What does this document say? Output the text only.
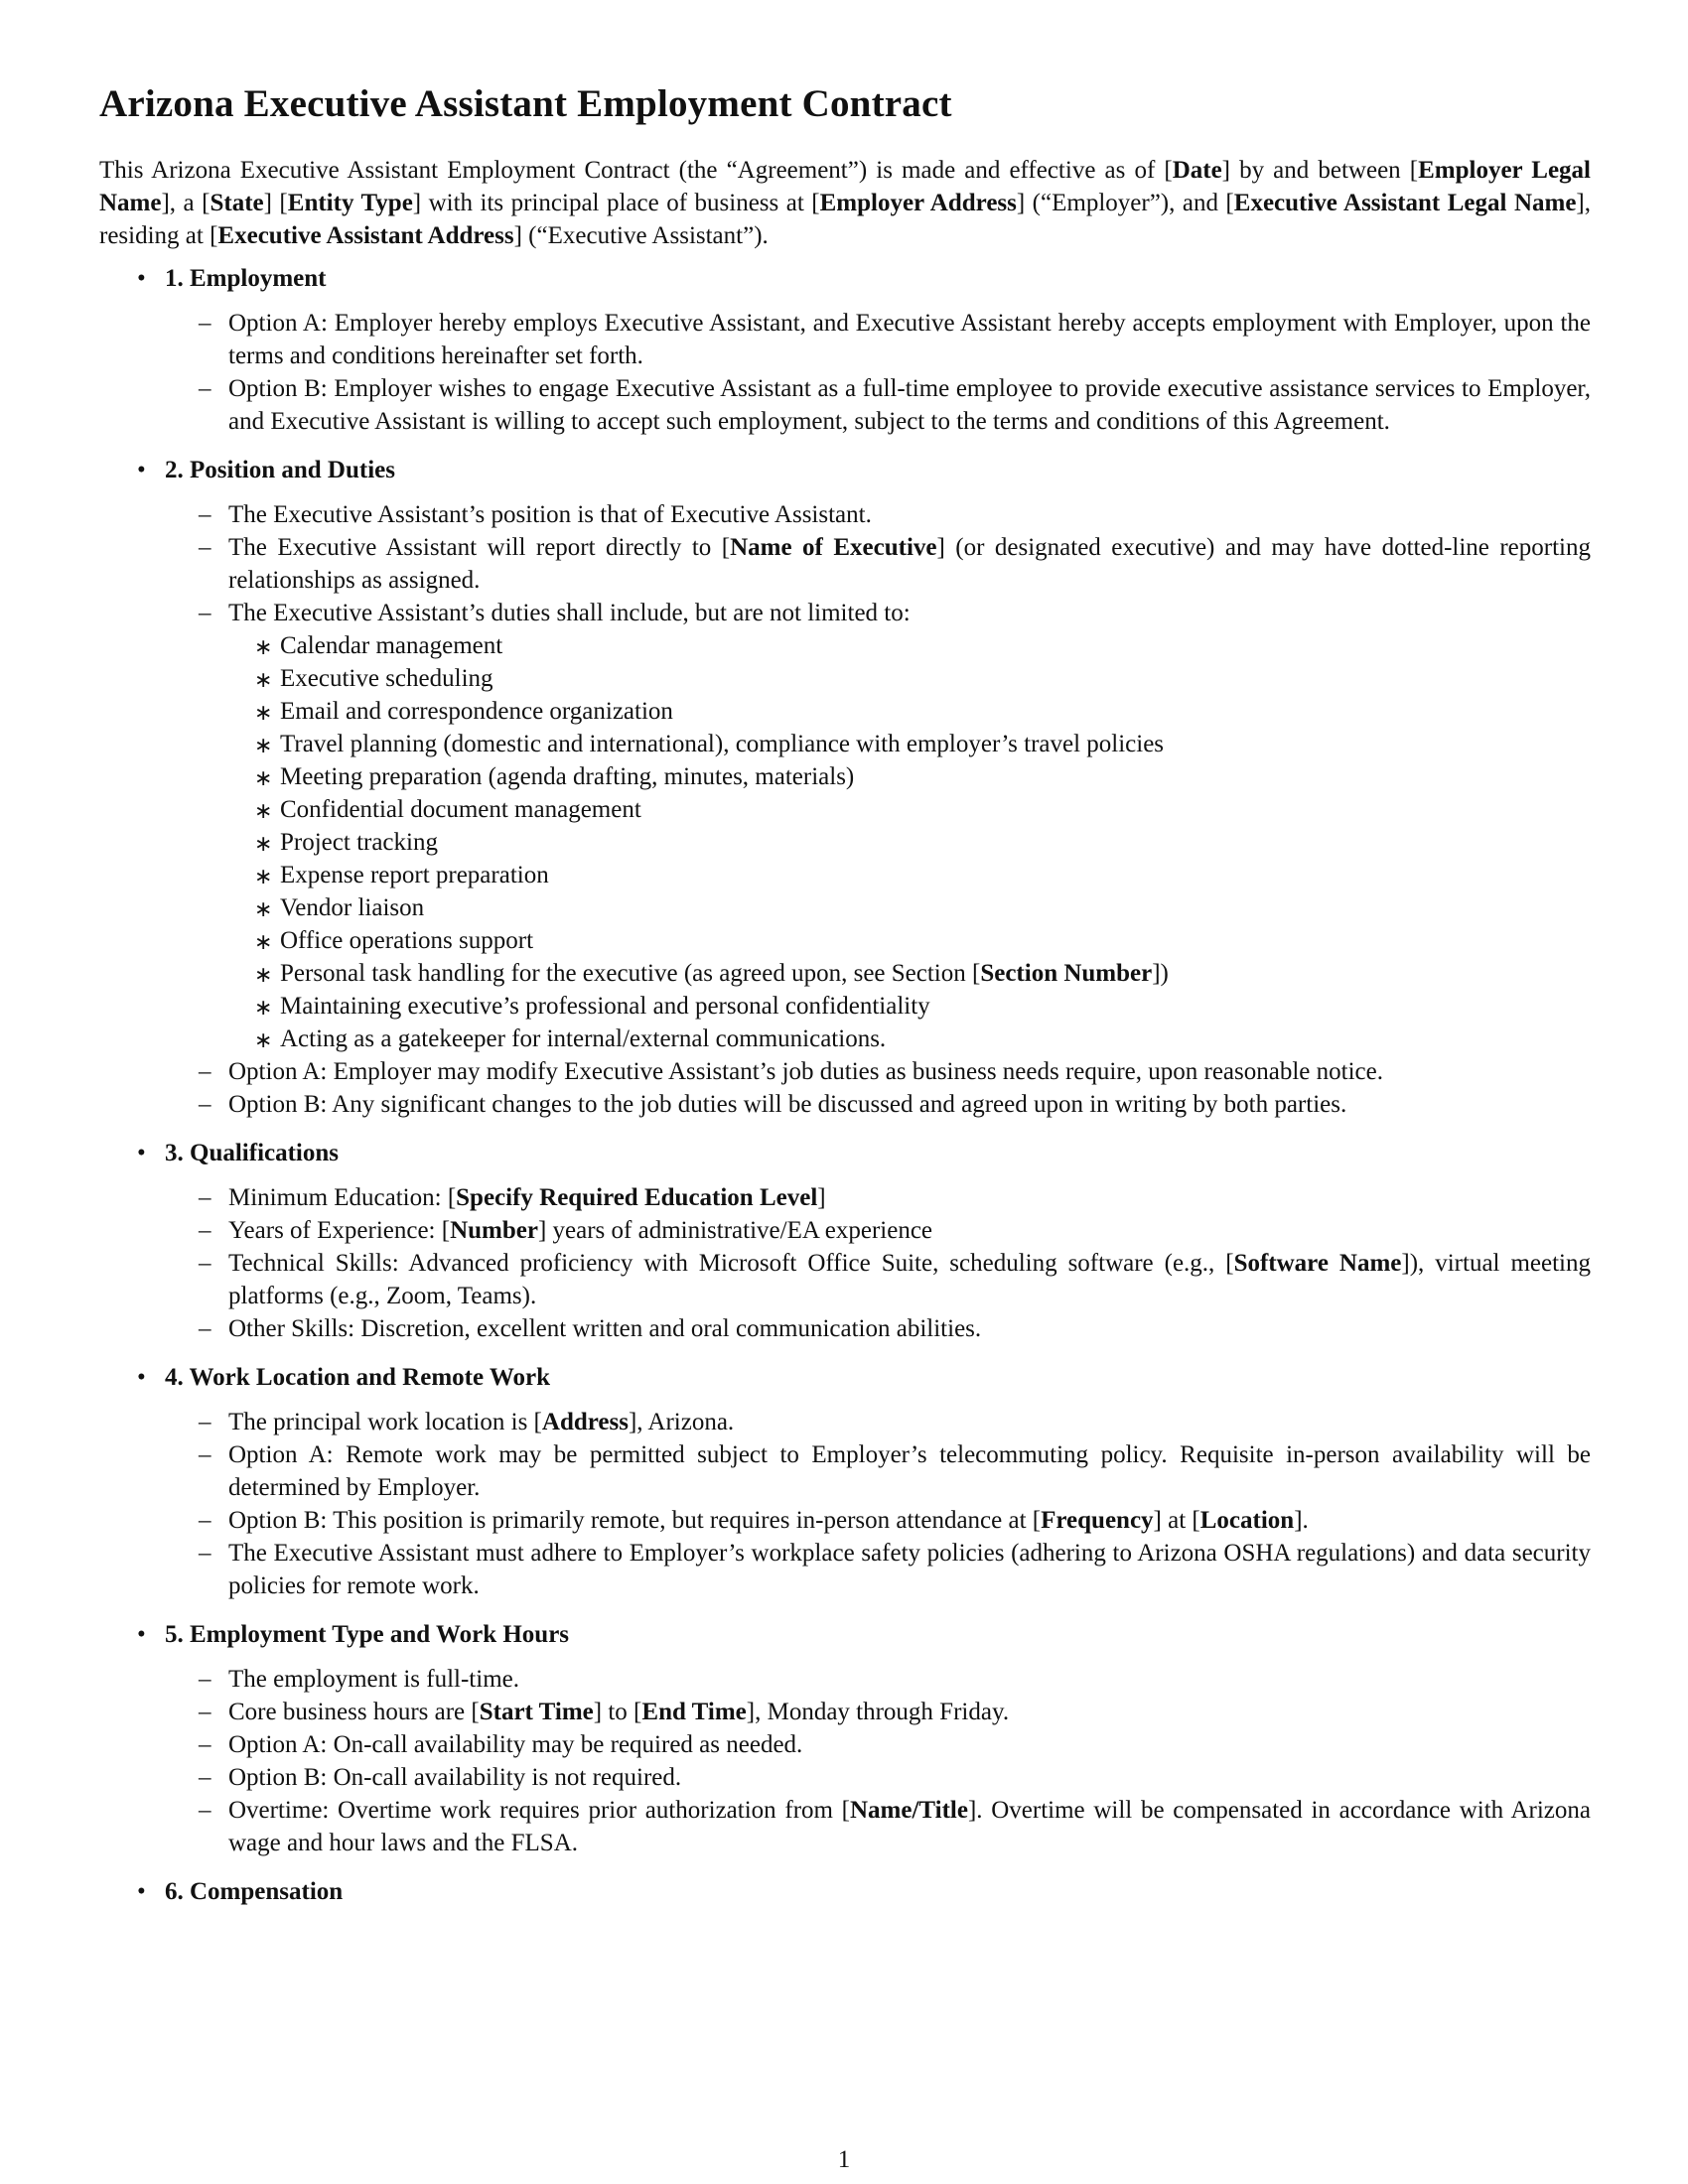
Arizona Executive Assistant Employment Contract

This Arizona Executive Assistant Employment Contract (the “Agreement”) is made and effective as of [Date] by and between [Employer Legal Name], a [State] [Entity Type] with its principal place of business at [Employer Address] (“Employer”), and [Executive Assistant Legal Name], residing at [Executive Assistant Address] (“Executive Assistant”).

• 1. Employment
– Option A: Employer hereby employs Executive Assistant, and Executive Assistant hereby accepts employment with Employer, upon the terms and conditions hereinafter set forth.
– Option B: Employer wishes to engage Executive Assistant as a full-time employee to provide executive assistance services to Employer, and Executive Assistant is willing to accept such employment, subject to the terms and conditions of this Agreement.
• 2. Position and Duties
– The Executive Assistant’s position is that of Executive Assistant.
– The Executive Assistant will report directly to [Name of Executive] (or designated executive) and may have dotted-line reporting relationships as assigned.
– The Executive Assistant’s duties shall include, but are not limited to:
∗ Calendar management
∗ Executive scheduling
∗ Email and correspondence organization
∗ Travel planning (domestic and international), compliance with employer’s travel policies
∗ Meeting preparation (agenda drafting, minutes, materials)
∗ Confidential document management
∗ Project tracking
∗ Expense report preparation
∗ Vendor liaison
∗ Office operations support
∗ Personal task handling for the executive (as agreed upon, see Section [Section Number])
∗ Maintaining executive’s professional and personal confidentiality
∗ Acting as a gatekeeper for internal/external communications.
– Option A: Employer may modify Executive Assistant’s job duties as business needs require, upon reasonable notice.
– Option B: Any significant changes to the job duties will be discussed and agreed upon in writing by both parties.
• 3. Qualifications
– Minimum Education: [Specify Required Education Level]
– Years of Experience: [Number] years of administrative/EA experience
– Technical Skills: Advanced proficiency with Microsoft Office Suite, scheduling software (e.g., [Software Name]), virtual meeting platforms (e.g., Zoom, Teams).
– Other Skills: Discretion, excellent written and oral communication abilities.
• 4. Work Location and Remote Work
– The principal work location is [Address], Arizona.
– Option A: Remote work may be permitted subject to Employer’s telecommuting policy. Requisite in-person availability will be determined by Employer.
– Option B: This position is primarily remote, but requires in-person attendance at [Frequency] at [Location].
– The Executive Assistant must adhere to Employer’s workplace safety policies (adhering to Arizona OSHA regulations) and data security policies for remote work.
• 5. Employment Type and Work Hours
– The employment is full-time.
– Core business hours are [Start Time] to [End Time], Monday through Friday.
– Option A: On-call availability may be required as needed.
– Option B: On-call availability is not required.
– Overtime: Overtime work requires prior authorization from [Name/Title]. Overtime will be compensated in accordance with Arizona wage and hour laws and the FLSA.
• 6. Compensation
1
